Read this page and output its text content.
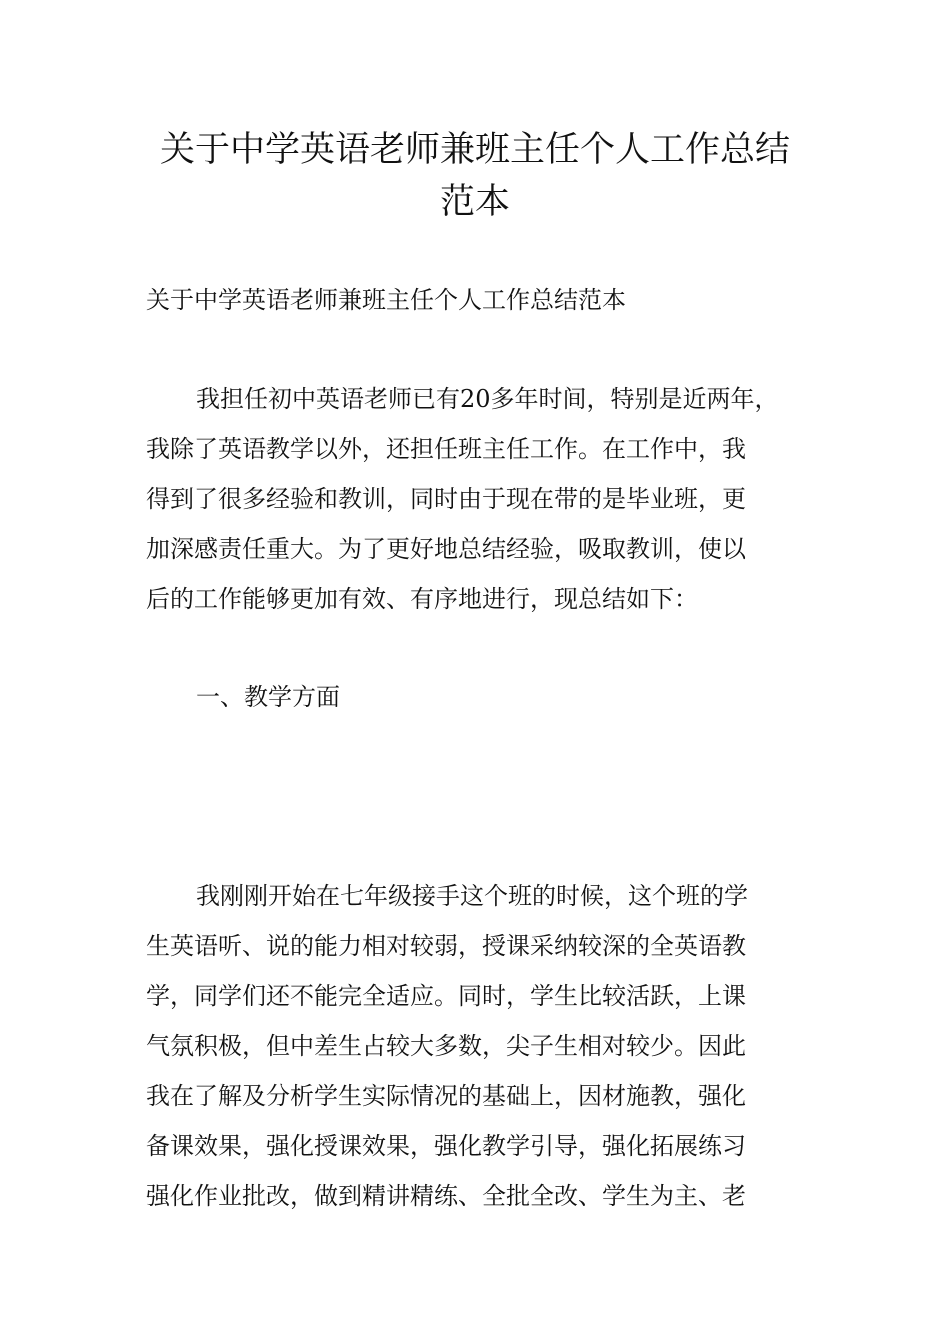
关于中学英语老师兼班主任个人工作总结
范本
关于中学英语老师兼班主任个人工作总结范本
我担任初中英语老师已有20多年时间，特别是近两年，
我除了英语教学以外，还担任班主任工作。在工作中，我
得到了很多经验和教训，同时由于现在带的是毕业班，更
加深感责任重大。为了更好地总结经验，吸取教训，使以
后的工作能够更加有效、有序地进行，现总结如下：
一、教学方面
我刚刚开始在七年级接手这个班的时候，这个班的学
生英语听、说的能力相对较弱，授课采纳较深的全英语教
学，同学们还不能完全适应。同时，学生比较活跃，上课
气氛积极，但中差生占较大多数，尖子生相对较少。因此
我在了解及分析学生实际情况的基础上，因材施教，强化
备课效果，强化授课效果，强化教学引导，强化拓展练习
强化作业批改，做到精讲精练、全批全改、学生为主、老
